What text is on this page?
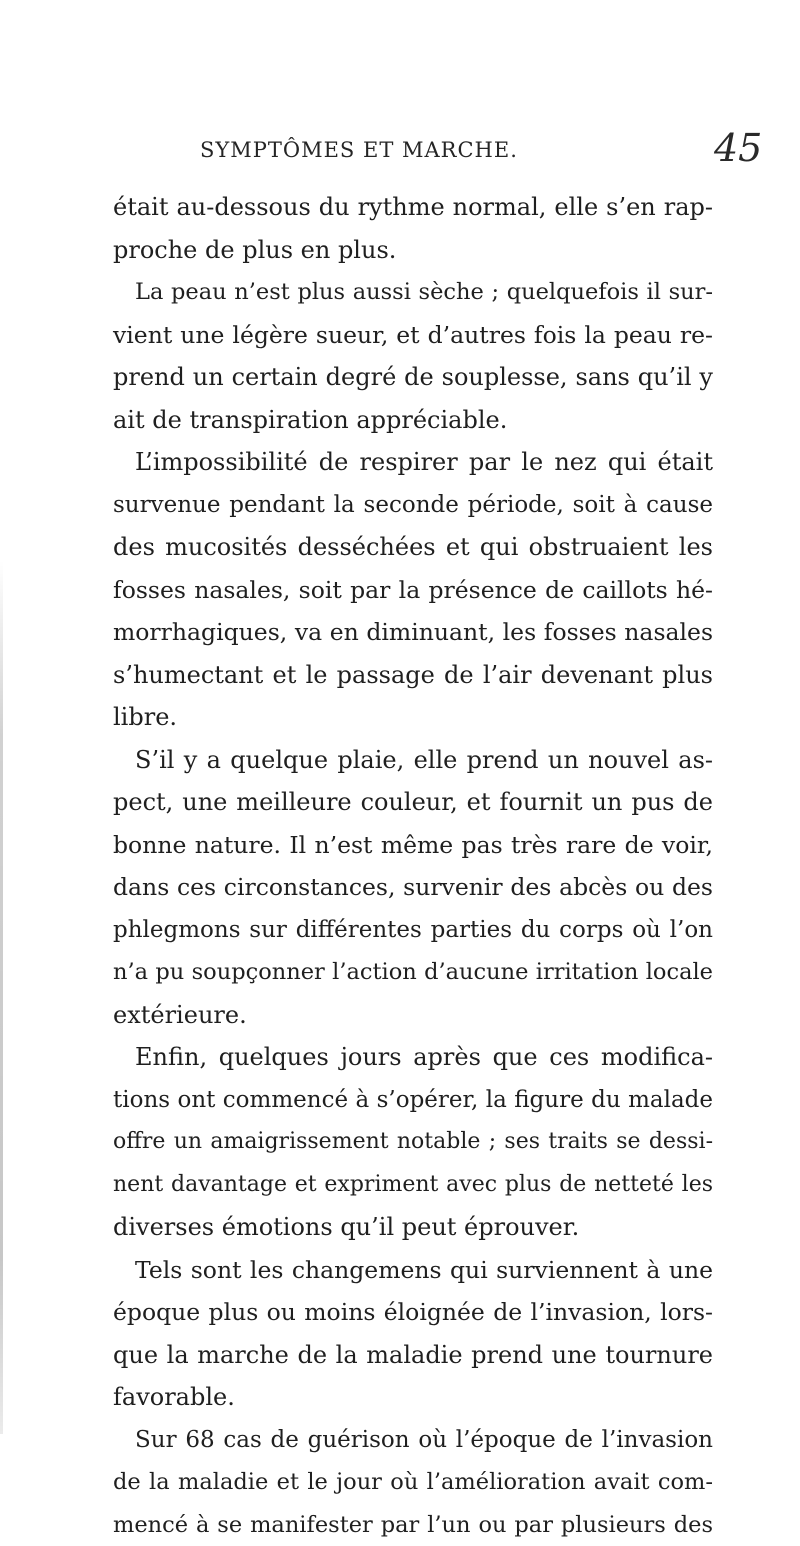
SYMPTÔMES ET MARCHE.	45
était au-dessous du rythme normal, elle s’en rap-
proche de plus en plus.
La peau n’est plus aussi sèche ; quelquefois il sur-
vient une légère sueur, et d’autres fois la peau re-
prend un certain degré de souplesse, sans qu’il y
ait de transpiration appréciable.
L’impossibilité de respirer par le nez qui était
survenue pendant la seconde période, soit à cause
des mucosités desséchées et qui obstruaient les
fosses nasales, soit par la présence de caillots hé-
morrhagiques, va en diminuant, les fosses nasales
s’humectant et le passage de l’air devenant plus
libre.
S’il y a quelque plaie, elle prend un nouvel as-
pect, une meilleure couleur, et fournit un pus de
bonne nature. Il n’est même pas très rare de voir,
dans ces circonstances, survenir des abcès ou des
phlegmons sur différentes parties du corps où l’on
n’a pu soupçonner l’action d’aucune irritation locale
extérieure.
Enfin, quelques jours après que ces modifica-
tions ont commencé à s’opérer, la figure du malade
offre un amaigrissement notable ; ses traits se dessi-
nent davantage et expriment avec plus de netteté les
diverses émotions qu’il peut éprouver.
Tels sont les changemens qui surviennent à une
époque plus ou moins éloignée de l’invasion, lors-
que la marche de la maladie prend une tournure
favorable.
Sur 68 cas de guérison où l’époque de l’invasion
de la maladie et le jour où l’amélioration avait com-
mencé à se manifester par l’un ou par plusieurs des
